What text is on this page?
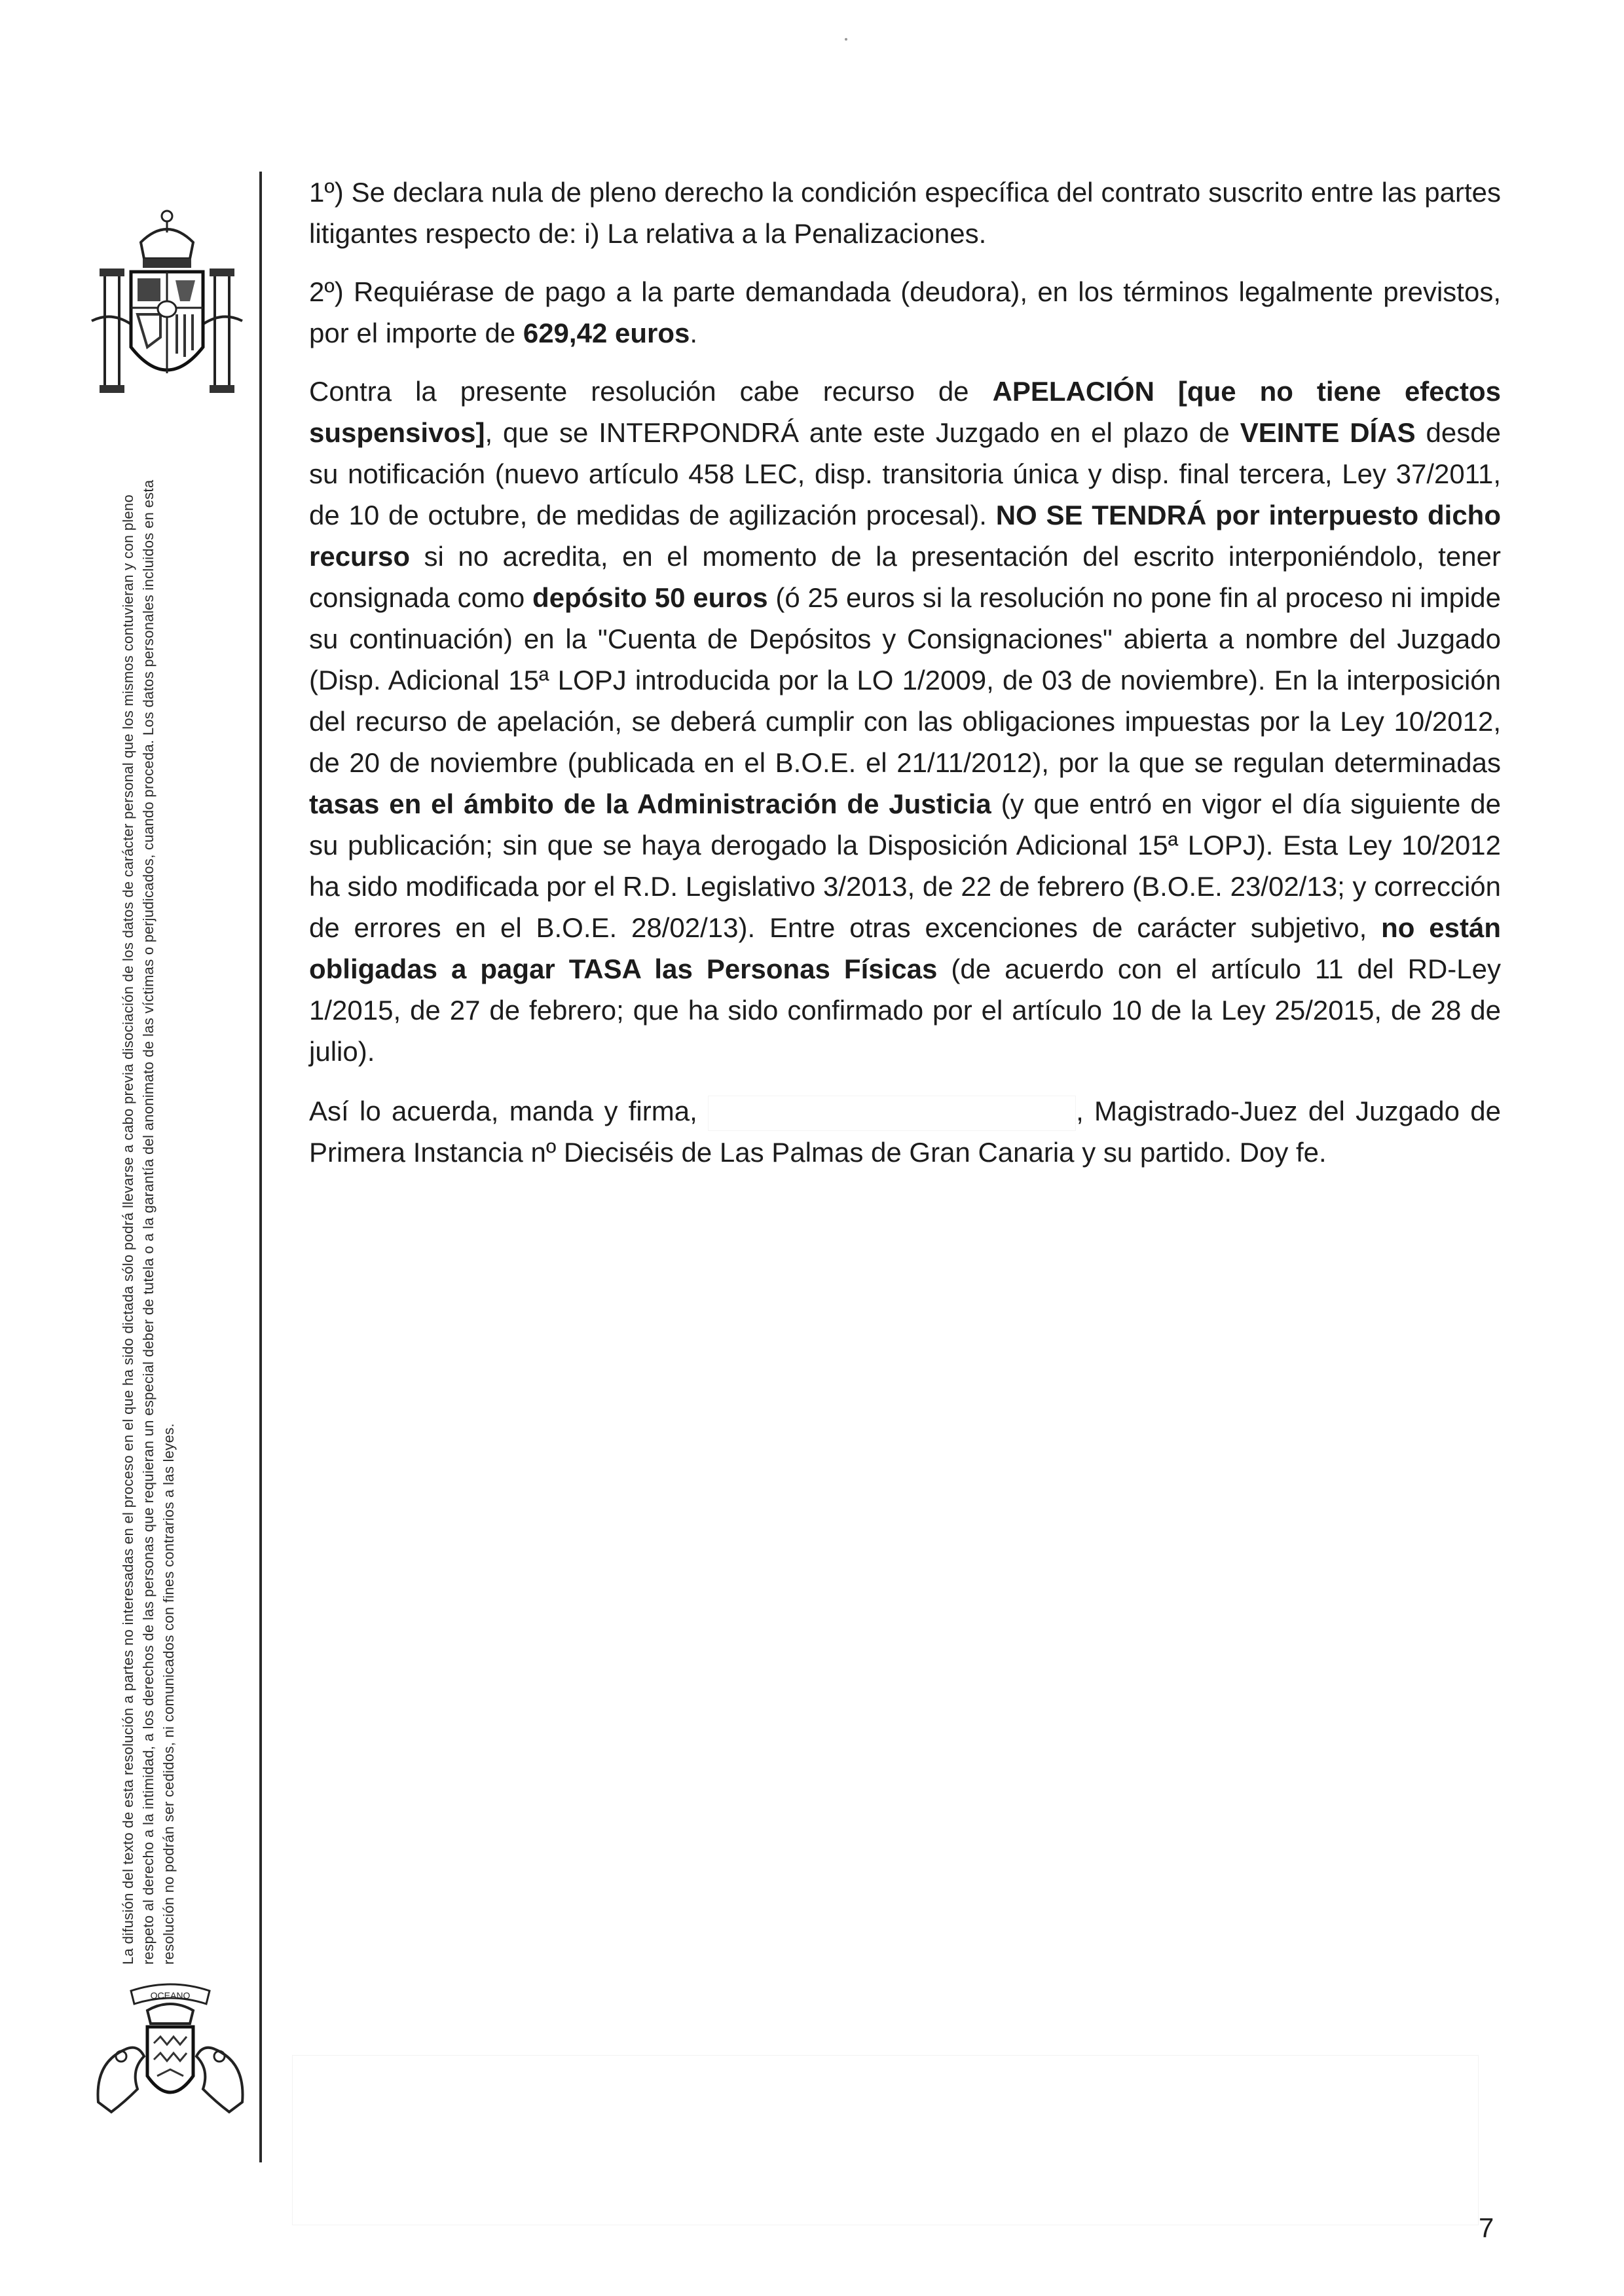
La difusión del texto de esta resolución a partes no interesadas en el proceso en el que ha sido dictada sólo podrá llevarse a cabo previa disociación de los datos de carácter personal que los mismos contuvieran y con pleno respeto al derecho a la intimidad, a los derechos de las personas que requieran un especial deber de tutela o a la garantía del anonimato de las víctimas o perjudicados, cuando proceda. Los datos personales incluidos en esta resolución no podrán ser cedidos, ni comunicados con fines contrarios a las leyes.
OCEANO

1º) Se declara nula de pleno derecho la condición específica del contrato suscrito entre las partes litigantes respecto de: i) La relativa a la Penalizaciones.

2º) Requiérase de pago a la parte demandada (deudora), en los términos legalmente previstos, por el importe de 629,42 euros.

Contra la presente resolución cabe recurso de APELACIÓN [que no tiene efectos suspensivos], que se INTERPONDRÁ ante este Juzgado en el plazo de VEINTE DÍAS desde su notificación (nuevo artículo 458 LEC, disp. transitoria única y disp. final tercera, Ley 37/2011, de 10 de octubre, de medidas de agilización procesal). NO SE TENDRÁ por interpuesto dicho recurso si no acredita, en el momento de la presentación del escrito interponiéndolo, tener consignada como depósito 50 euros (ó 25 euros si la resolución no pone fin al proceso ni impide su continuación) en la "Cuenta de Depósitos y Consignaciones" abierta a nombre del Juzgado (Disp. Adicional 15ª LOPJ introducida por la LO 1/2009, de 03 de noviembre). En la interposición del recurso de apelación, se deberá cumplir con las obligaciones impuestas por la Ley 10/2012, de 20 de noviembre (publicada en el B.O.E. el 21/11/2012), por la que se regulan determinadas tasas en el ámbito de la Administración de Justicia (y que entró en vigor el día siguiente de su publicación; sin que se haya derogado la Disposición Adicional 15ª LOPJ). Esta Ley 10/2012 ha sido modificada por el R.D. Legislativo 3/2013, de 22 de febrero (B.O.E. 23/02/13; y corrección de errores en el B.O.E. 28/02/13). Entre otras excenciones de carácter subjetivo, no están obligadas a pagar TASA las Personas Físicas (de acuerdo con el artículo 11 del RD-Ley 1/2015, de 27 de febrero; que ha sido confirmado por el artículo 10 de la Ley 25/2015, de 28 de julio).

Así lo acuerda, manda y firma,	, Magistrado-Juez del Juzgado de Primera Instancia nº Dieciséis de Las Palmas de Gran Canaria y su partido. Doy fe.

7
